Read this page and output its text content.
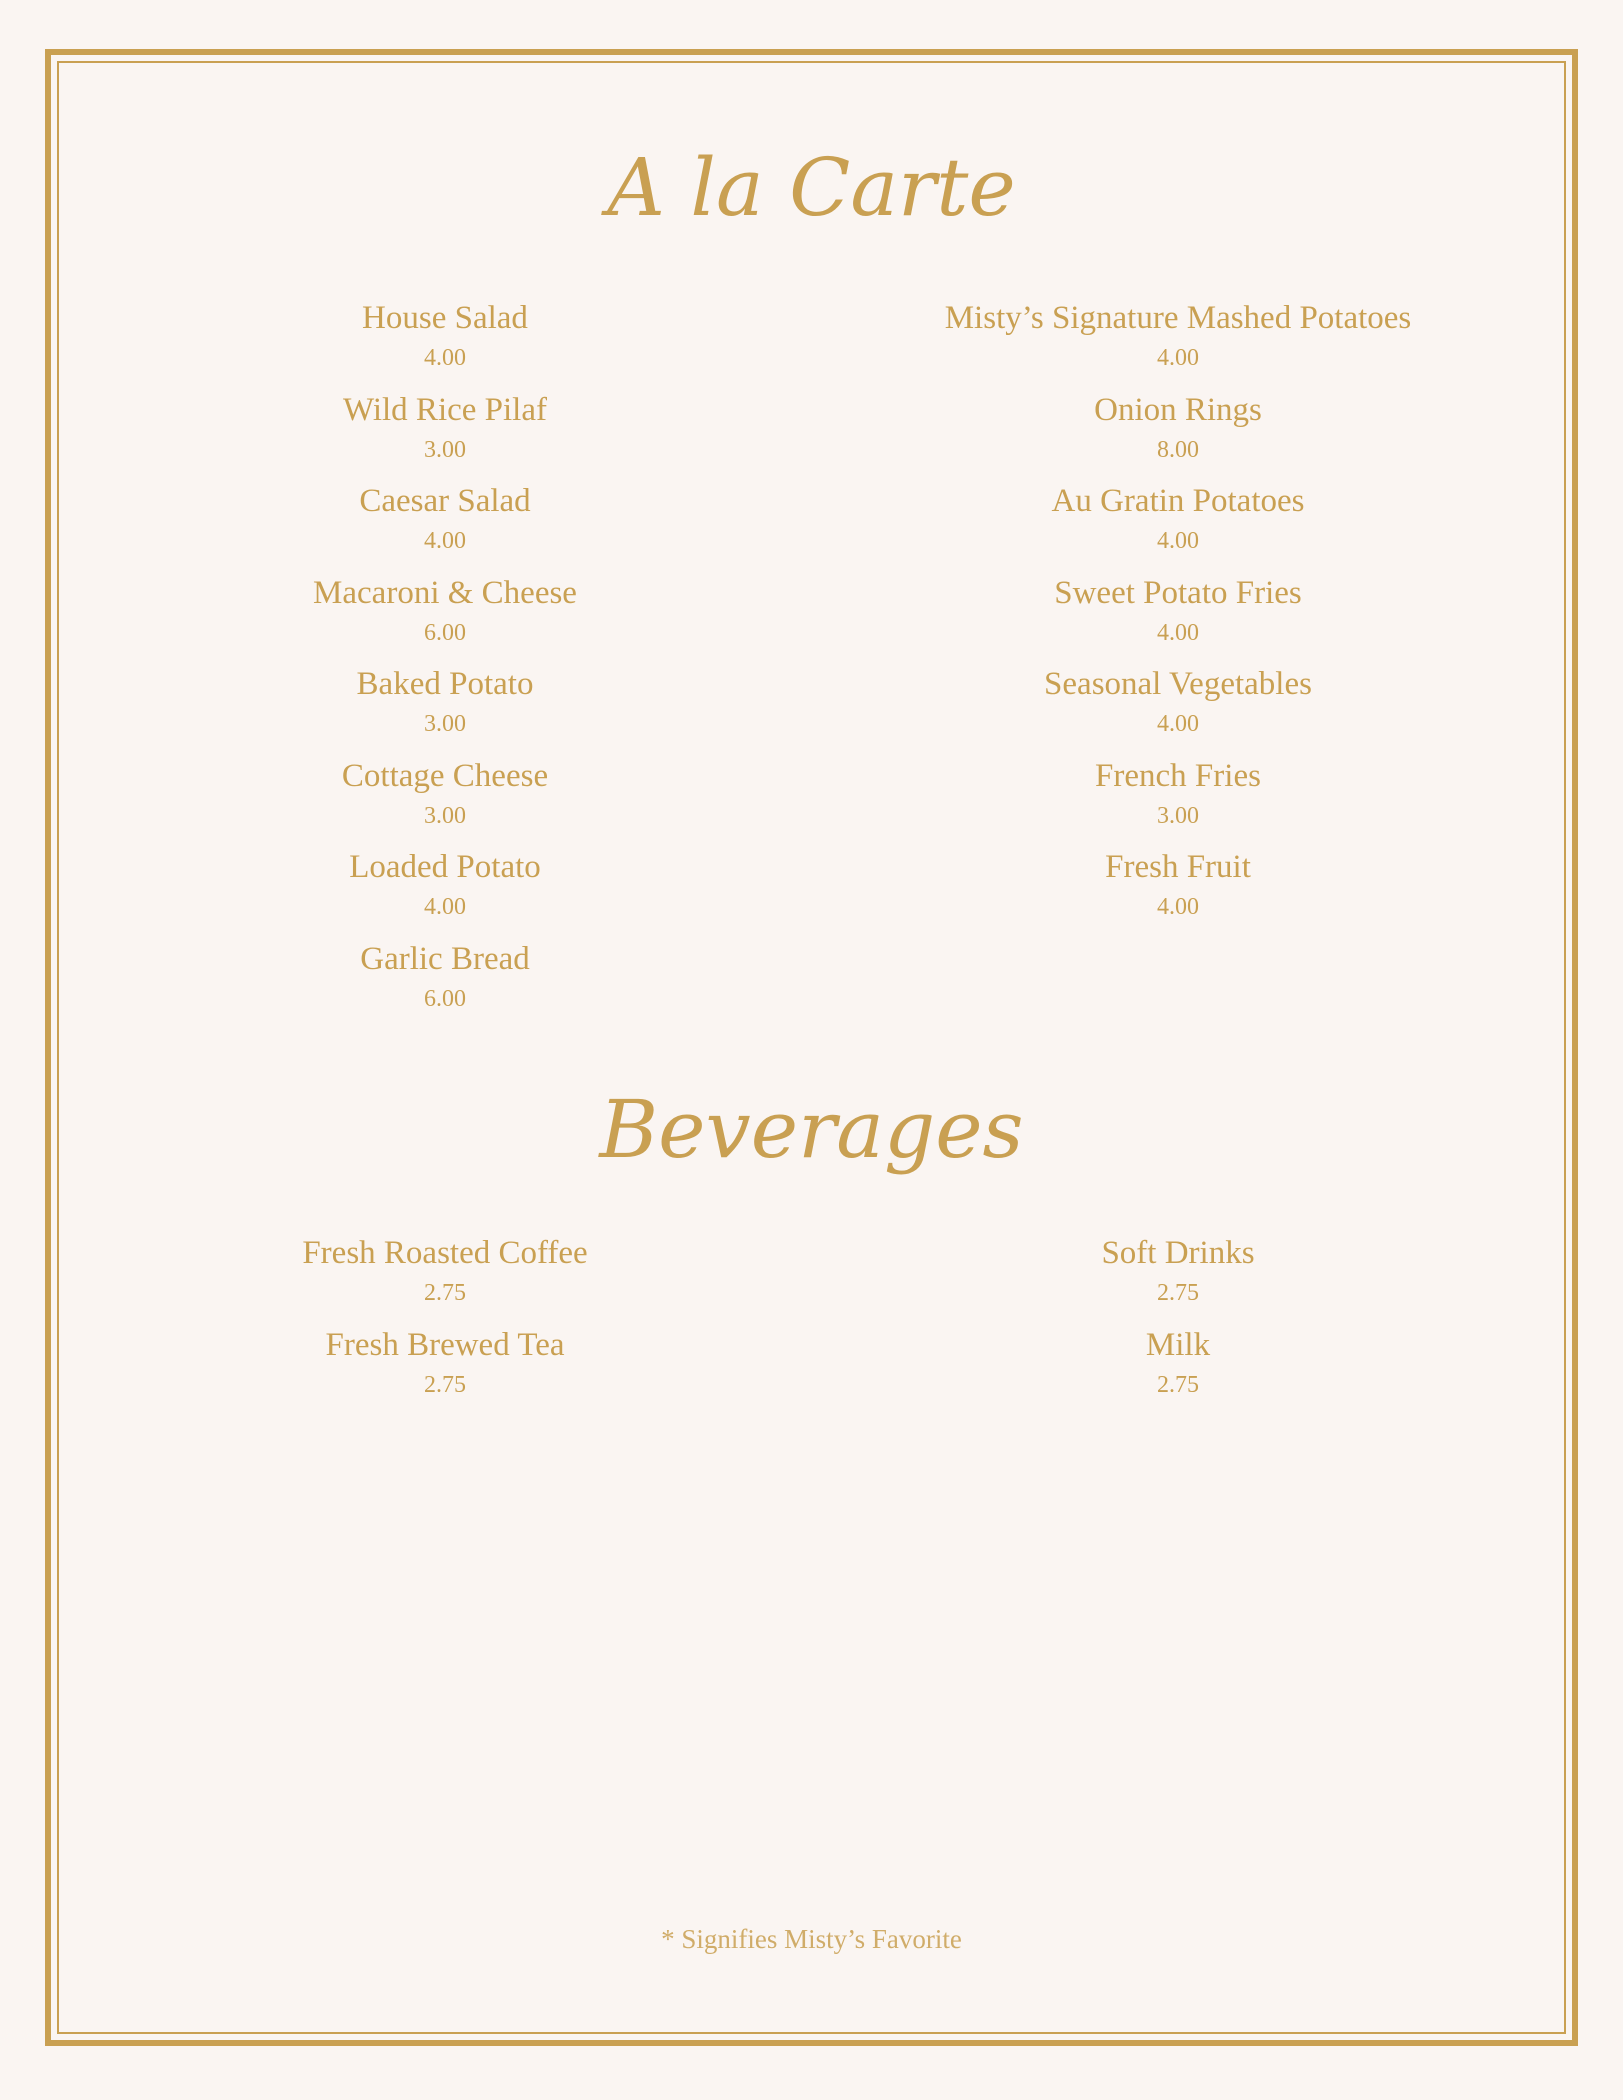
A la Carte
House Salad
4.00
Wild Rice Pilaf
3.00
Caesar Salad
4.00
Macaroni & Cheese
6.00
Baked Potato
3.00
Cottage Cheese
3.00
Loaded Potato
4.00
Garlic Bread
6.00
Misty’s Signature Mashed Potatoes
4.00
Onion Rings
8.00
Au Gratin Potatoes
4.00
Sweet Potato Fries
4.00
Seasonal Vegetables
4.00
French Fries
3.00
Fresh Fruit
4.00
Beverages
Fresh Roasted Coffee
2.75
Fresh Brewed Tea
2.75
Soft Drinks
2.75
Milk
2.75
* Signifies Misty’s Favorite
